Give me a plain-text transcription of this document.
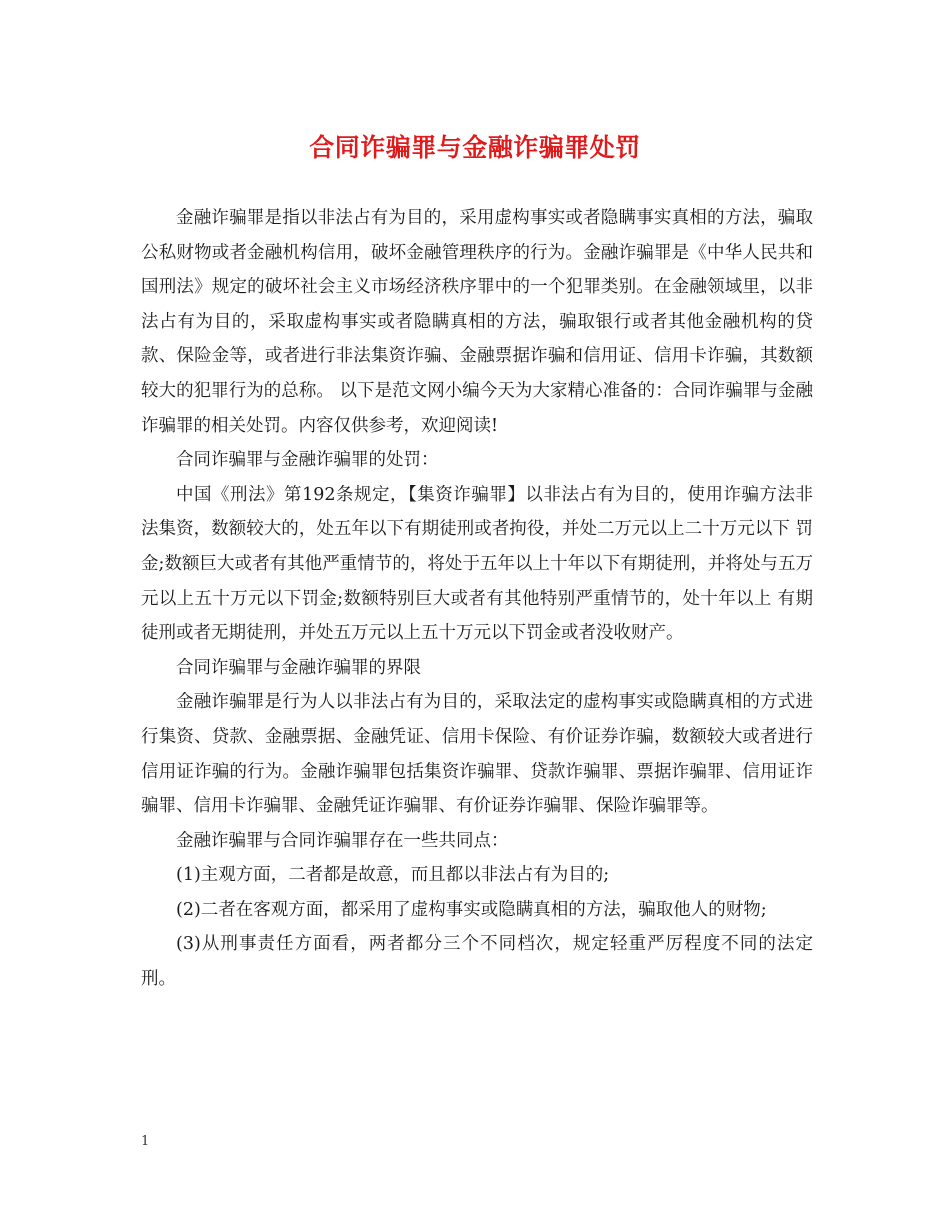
合同诈骗罪与金融诈骗罪处罚

金融诈骗罪是指以非法占有为目的，采用虚构事实或者隐瞒事实真相的方法，骗取公私财物或者金融机构信用，破坏金融管理秩序的行为。金融诈骗罪是《中华人民共和国刑法》规定的破坏社会主义市场经济秩序罪中的一个犯罪类别。在金融领域里，以非法占有为目的，采取虚构事实或者隐瞒真相的方法，骗取银行或者其他金融机构的贷款、保险金等，或者进行非法集资诈骗、金融票据诈骗和信用证、信用卡诈骗，其数额较大的犯罪行为的总称。 以下是范文网小编今天为大家精心准备的：合同诈骗罪与金融诈骗罪的相关处罚。内容仅供参考，欢迎阅读!

合同诈骗罪与金融诈骗罪的处罚：

中国《刑法》第192条规定，【集资诈骗罪】以非法占有为目的，使用诈骗方法非法集资，数额较大的，处五年以下有期徒刑或者拘役，并处二万元以上二十万元以下 罚金;数额巨大或者有其他严重情节的，将处于五年以上十年以下有期徒刑，并将处与五万元以上五十万元以下罚金;数额特别巨大或者有其他特别严重情节的，处十年以上 有期徒刑或者无期徒刑，并处五万元以上五十万元以下罚金或者没收财产。

合同诈骗罪与金融诈骗罪的界限

金融诈骗罪是行为人以非法占有为目的，采取法定的虚构事实或隐瞒真相的方式进行集资、贷款、金融票据、金融凭证、信用卡保险、有价证券诈骗，数额较大或者进行信用证诈骗的行为。金融诈骗罪包括集资诈骗罪、贷款诈骗罪、票据诈骗罪、信用证诈骗罪、信用卡诈骗罪、金融凭证诈骗罪、有价证券诈骗罪、保险诈骗罪等。

金融诈骗罪与合同诈骗罪存在一些共同点：

(1)主观方面，二者都是故意，而且都以非法占有为目的;

(2)二者在客观方面，都采用了虚构事实或隐瞒真相的方法，骗取他人的财物;

(3)从刑事责任方面看，两者都分三个不同档次，规定轻重严厉程度不同的法定刑。

1
